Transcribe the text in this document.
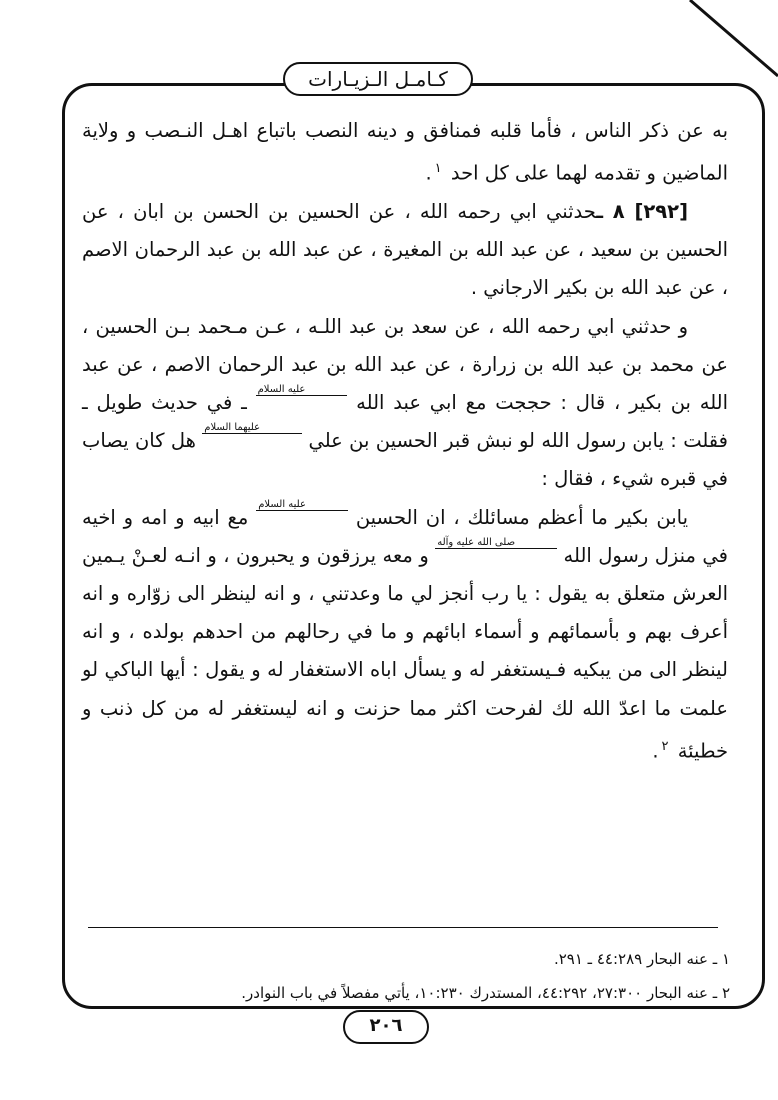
كـامـل الـزيـارات

به عن ذكر الناس ، فأما قلبه فمنافق و دينه النصب باتباع اهـل النـصب و ولاية الماضين و تقدمه لهما على كل احد $^١$.

[٢٩٢] ٨ ـحدثني ابي رحمه الله ، عن الحسين بن الحسن بن ابان ، عن الحسين بن سعيد ، عن عبد الله بن المغيرة ، عن عبد الله بن عبد الرحمان الاصم ، عن عبد الله بن بكير الارجاني .

و حدثني ابي رحمه الله ، عن سعد بن عبد اللـه ، عـن مـحمد بـن الحسين ، عن محمد بن عبد الله بن زرارة ، عن عبد الله بن عبد الرحمان الاصم ، عن عبد الله بن بكير ، قال : حججت مع ابي عبد الله عليه السلام ـ في حديث طويل ـ فقلت : يابن رسول الله لو نبش قبر الحسين بن علي عليهما السلام هل كان يصاب في قبره شيء ، فقال :

يابن بكير ما أعظم مسائلك ، ان الحسين عليه السلام مع ابيه و امه و اخيه في منزل رسول الله صلى الله عليه وآله و معه يرزقون و يحبرون ، و انـه لعـنْ يـمين العرش متعلق به يقول : يا رب أنجز لي ما وعدتني ، و انه لينظر الى زوّاره و انه أعرف بهم و بأسمائهم و أسماء ابائهم و ما في رحالهم من احدهم بولده ، و انه لينظر الى من يبكيه فـيستغفر له و يسأل اباه الاستغفار له و يقول : أيها الباكي لو علمت ما اعدّ الله لك لفرحت اكثر مما حزنت و انه ليستغفر له من كل ذنب و خطيئة $^٢$.

١ ـ عنه البحار ٤٤:٢٨٩ ـ ٢٩١.

٢ ـ عنه البحار ٢٧:٣٠٠، ٤٤:٢٩٢، المستدرك ١٠:٢٣٠، يأتي مفصلاً في باب النوادر.

٢٠٦
